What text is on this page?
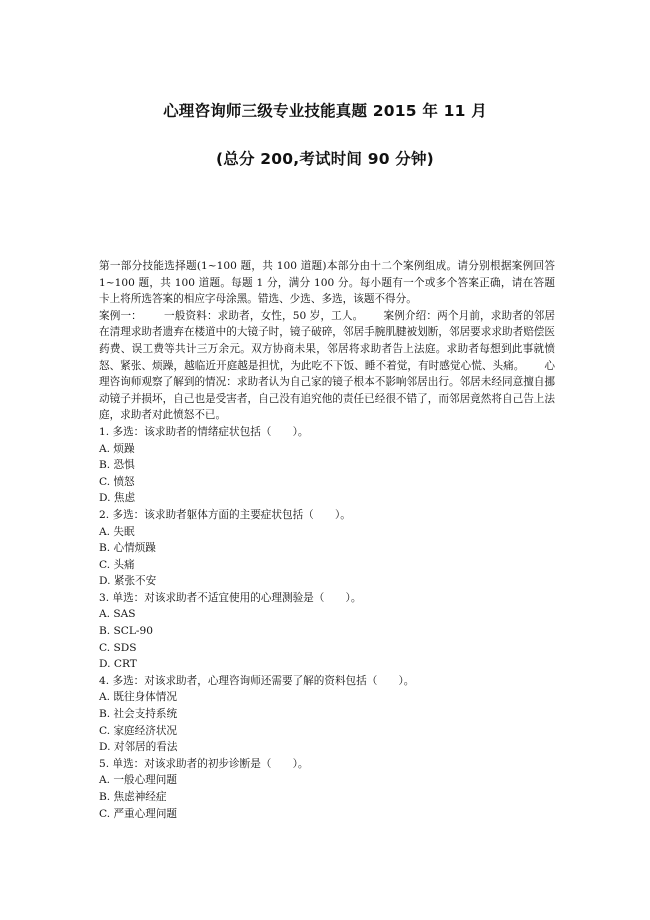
心理咨询师三级专业技能真题 2015 年 11 月
(总分 200,考试时间 90 分钟)

第一部分技能选择题(1~100 题，共 100 道题)本部分由十二个案例组成。请分别根据案例回答 1~100 题，共 100 道题。每题 1 分，满分 100 分。每小题有一个或多个答案正确，请在答题卡上将所选答案的相应字母涂黑。错选、少选、多选，该题不得分。

案例一： 一般资料：求助者，女性，50 岁，工人。 案例介绍：两个月前，求助者的邻居在清理求助者遗弃在楼道中的大镜子时，镜子破碎，邻居手腕肌腱被划断，邻居要求求助者赔偿医药费、误工费等共计三万余元。双方协商未果，邻居将求助者告上法庭。求助者每想到此事就愤怒、紧张、烦躁，越临近开庭越是担忧，为此吃不下饭、睡不着觉，有时感觉心慌、头痛。 心理咨询师观察了解到的情况：求助者认为自己家的镜子根本不影响邻居出行。邻居未经同意擅自挪动镜子并损坏，自己也是受害者，自己没有追究他的责任已经很不错了，而邻居竟然将自己告上法庭，求助者对此愤怒不已。

1. 多选：该求助者的情绪症状包括（　　）。

A. 烦躁

B. 恐惧

C. 愤怒

D. 焦虑

2. 多选：该求助者躯体方面的主要症状包括（　　）。

A. 失眠

B. 心情烦躁

C. 头痛

D. 紧张不安

3. 单选：对该求助者不适宜使用的心理测验是（　　）。

A. SAS

B. SCL-90

C. SDS

D. CRT

4. 多选：对该求助者，心理咨询师还需要了解的资料包括（　　）。

A. 既往身体情况

B. 社会支持系统

C. 家庭经济状况

D. 对邻居的看法

5. 单选：对该求助者的初步诊断是（　　）。

A. 一般心理问题

B. 焦虑神经症

C. 严重心理问题
